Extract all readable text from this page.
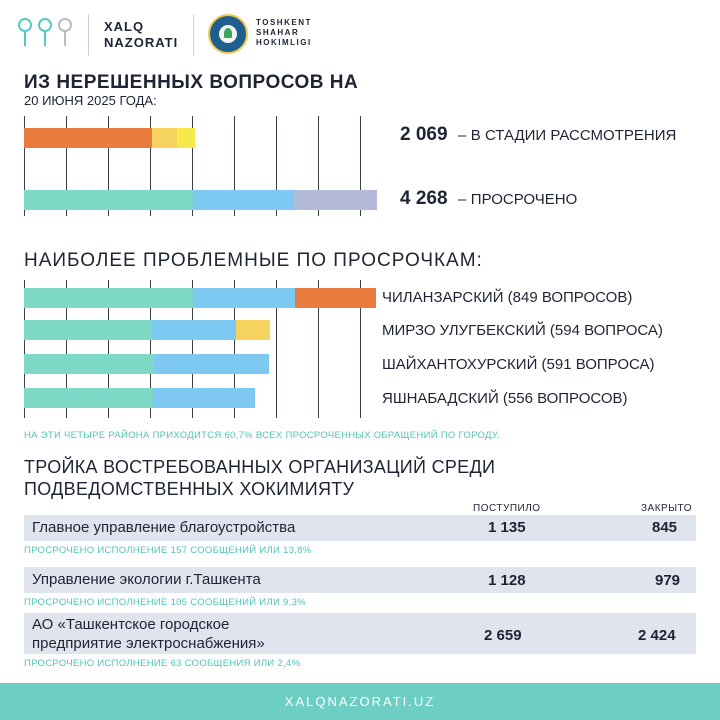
XALQ
NAZORATI
TOSHKENT
SHAHAR
HOKIMLIGI
ИЗ НЕРЕШЕННЫХ ВОПРОСОВ НА
20 ИЮНЯ 2025 ГОДА:
2 069 – В СТАДИИ РАССМОТРЕНИЯ
4 268 – ПРОСРОЧЕНО
НАИБОЛЕЕ ПРОБЛЕМНЫЕ ПО ПРОСРОЧКАМ:
ЧИЛАНЗАРСКИЙ (849 ВОПРОСОВ)
МИРЗО УЛУГБЕКСКИЙ (594 ВОПРОСА)
ШАЙХАНТОХУРСКИЙ (591 ВОПРОСА)
ЯШНАБАДСКИЙ (556 ВОПРОСОВ)
НА ЭТИ ЧЕТЫРЕ РАЙОНА ПРИХОДИТСЯ 60,7% ВСЕХ ПРОСРОЧЕННЫХ ОБРАЩЕНИЙ ПО ГОРОДУ.
ТРОЙКА ВОСТРЕБОВАННЫХ ОРГАНИЗАЦИЙ СРЕДИ
ПОДВЕДОМСТВЕННЫХ ХОКИМИЯТУ
ПОСТУПИЛО	ЗАКРЫТО
Главное управление благоустройства	1 135	845
ПРОСРОЧЕНО ИСПОЛНЕНИЕ 157 СООБЩЕНИЙ ИЛИ 13,8%
Управление экологии г.Ташкента	1 128	979
ПРОСРОЧЕНО ИСПОЛНЕНИЕ 105 СООБЩЕНИЙ ИЛИ 9,3%
АО «Ташкентское городское
предприятие электроснабжения»	2 659	2 424
ПРОСРОЧЕНО ИСПОЛНЕНИЕ 63 СООБЩЕНИЯ ИЛИ 2,4%
XALQNAZORATI.UZ
